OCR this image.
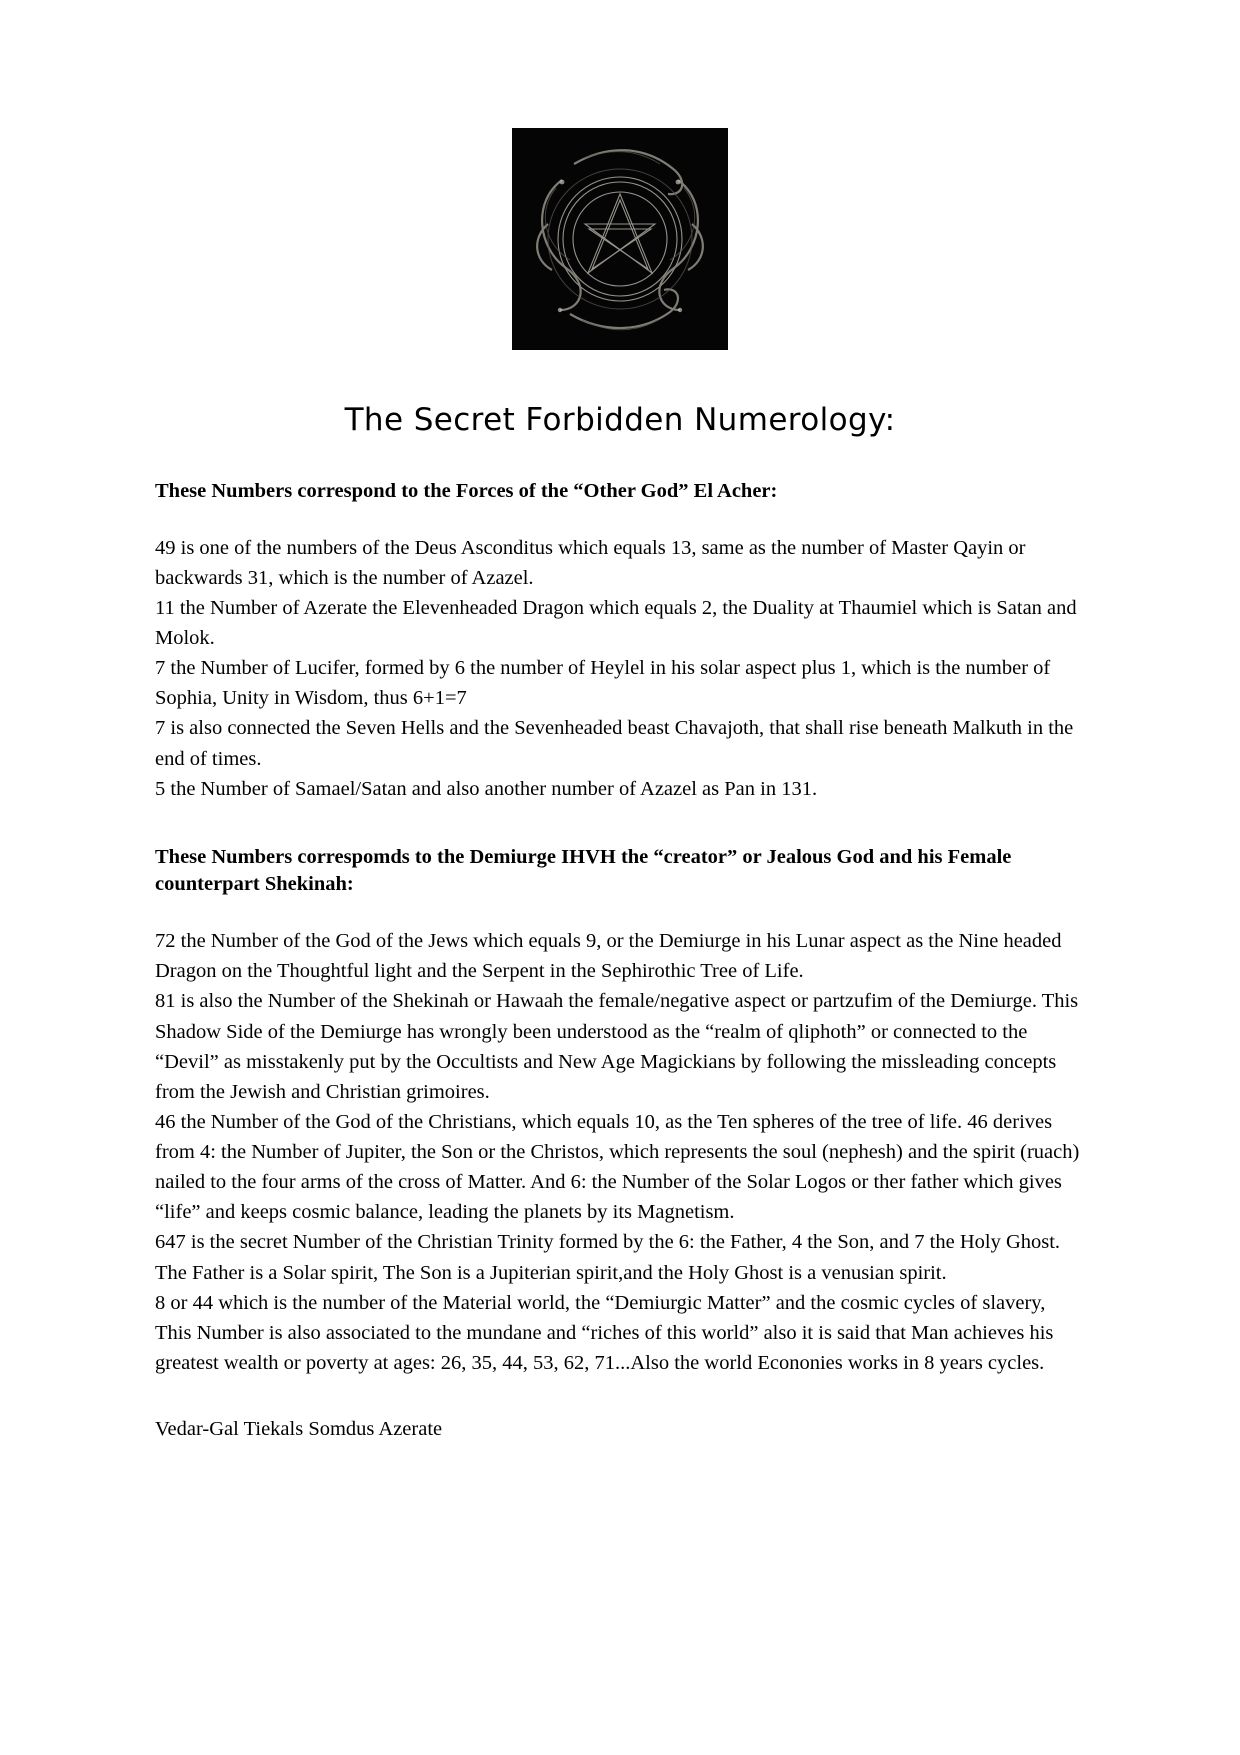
The Secret Forbidden Numerology:
These Numbers correspond to the Forces of the “Other God” El Acher:

49 is one of the numbers of the Deus Asconditus which equals 13, same as the number of Master Qayin or backwards 31, which is the number of Azazel.

11 the Number of Azerate the Elevenheaded Dragon which equals 2, the Duality at Thaumiel which is Satan and Molok.

7 the Number of Lucifer, formed by 6 the number of Heylel in his solar aspect plus 1, which is the number of Sophia, Unity in Wisdom, thus 6+1=7

7 is also connected the Seven Hells and the Sevenheaded beast Chavajoth, that shall rise beneath Malkuth in the end of times.

5 the Number of Samael/Satan and also another number of Azazel as Pan in 131.

These Numbers correspomds to the Demiurge IHVH the “creator” or Jealous God and his Female counterpart Shekinah:

72 the Number of the God of the Jews which equals 9, or the Demiurge in his Lunar aspect as the Nine headed Dragon on the Thoughtful light and the Serpent in the Sephirothic Tree of Life.

81 is also the Number of the Shekinah or Hawaah the female/negative aspect or partzufim of the Demiurge. This Shadow Side of the Demiurge has wrongly been understood as the “realm of qliphoth” or connected to the “Devil” as misstakenly put by the Occultists and New Age Magickians by following the missleading concepts from the Jewish and Christian grimoires.

46 the Number of the God of the Christians, which equals 10, as the Ten spheres of the tree of life. 46 derives from 4: the Number of Jupiter, the Son or the Christos, which represents the soul (nephesh) and the spirit (ruach) nailed to the four arms of the cross of Matter. And 6: the Number of the Solar Logos or ther father which gives “life” and keeps cosmic balance, leading the planets by its Magnetism.

647 is the secret Number of the Christian Trinity formed by the 6: the Father, 4 the Son, and 7 the Holy Ghost. The Father is a Solar spirit, The Son is a Jupiterian spirit,and the Holy Ghost is a venusian spirit.

8 or 44 which is the number of the Material world, the “Demiurgic Matter” and the cosmic cycles of slavery, This Number is also associated to the mundane and “riches of this world” also it is said that Man achieves his greatest wealth or poverty at ages: 26, 35, 44, 53, 62, 71...Also the world Econonies works in 8 years cycles.

Vedar-Gal Tiekals Somdus Azerate
